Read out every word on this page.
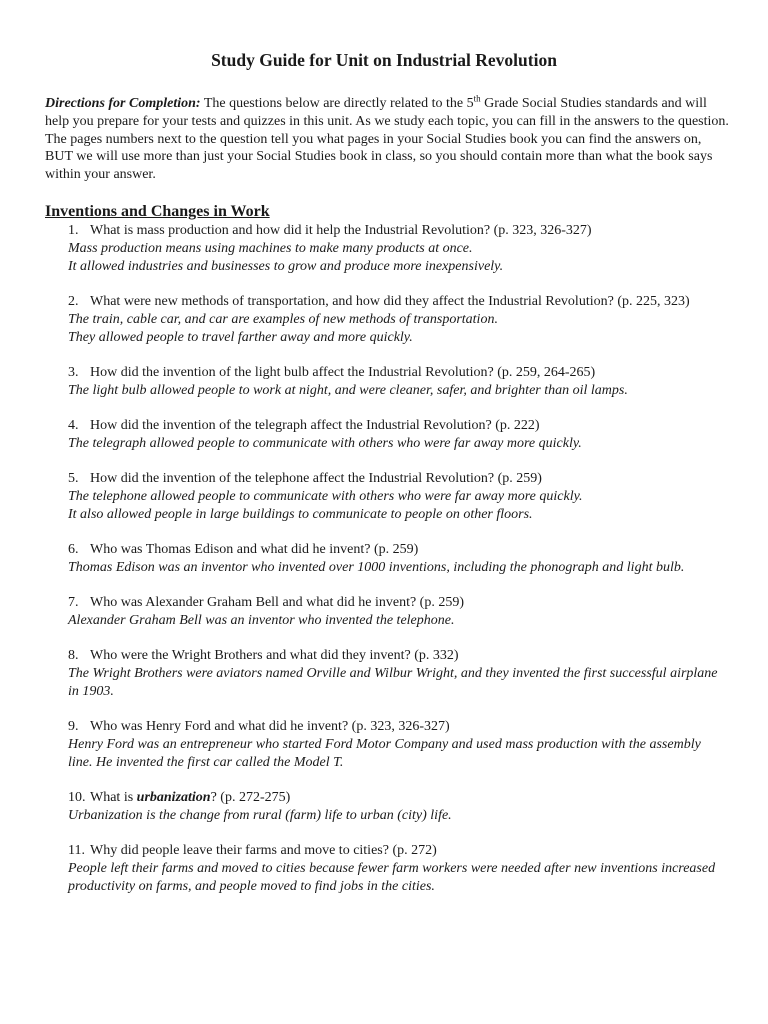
Study Guide for Unit on Industrial Revolution
Directions for Completion: The questions below are directly related to the 5th Grade Social Studies standards and will help you prepare for your tests and quizzes in this unit. As we study each topic, you can fill in the answers to the question. The pages numbers next to the question tell you what pages in your Social Studies book you can find the answers on, BUT we will use more than just your Social Studies book in class, so you should contain more than what the book says within your answer.
Inventions and Changes in Work
1. What is mass production and how did it help the Industrial Revolution? (p. 323, 326-327)
Mass production means using machines to make many products at once.
It allowed industries and businesses to grow and produce more inexpensively.
2. What were new methods of transportation, and how did they affect the Industrial Revolution? (p. 225, 323)
The train, cable car, and car are examples of new methods of transportation.
They allowed people to travel farther away and more quickly.
3. How did the invention of the light bulb affect the Industrial Revolution? (p. 259, 264-265)
The light bulb allowed people to work at night, and were cleaner, safer, and brighter than oil lamps.
4. How did the invention of the telegraph affect the Industrial Revolution? (p. 222)
The telegraph allowed people to communicate with others who were far away more quickly.
5. How did the invention of the telephone affect the Industrial Revolution? (p. 259)
The telephone allowed people to communicate with others who were far away more quickly.
It also allowed people in large buildings to communicate to people on other floors.
6. Who was Thomas Edison and what did he invent? (p. 259)
Thomas Edison was an inventor who invented over 1000 inventions, including the phonograph and light bulb.
7. Who was Alexander Graham Bell and what did he invent? (p. 259)
Alexander Graham Bell was an inventor who invented the telephone.
8. Who were the Wright Brothers and what did they invent? (p. 332)
The Wright Brothers were aviators named Orville and Wilbur Wright, and they invented the first successful airplane in 1903.
9. Who was Henry Ford and what did he invent? (p. 323, 326-327)
Henry Ford was an entrepreneur who started Ford Motor Company and used mass production with the assembly line. He invented the first car called the Model T.
10. What is urbanization? (p. 272-275)
Urbanization is the change from rural (farm) life to urban (city) life.
11. Why did people leave their farms and move to cities? (p. 272)
People left their farms and moved to cities because fewer farm workers were needed after new inventions increased productivity on farms, and people moved to find jobs in the cities.
